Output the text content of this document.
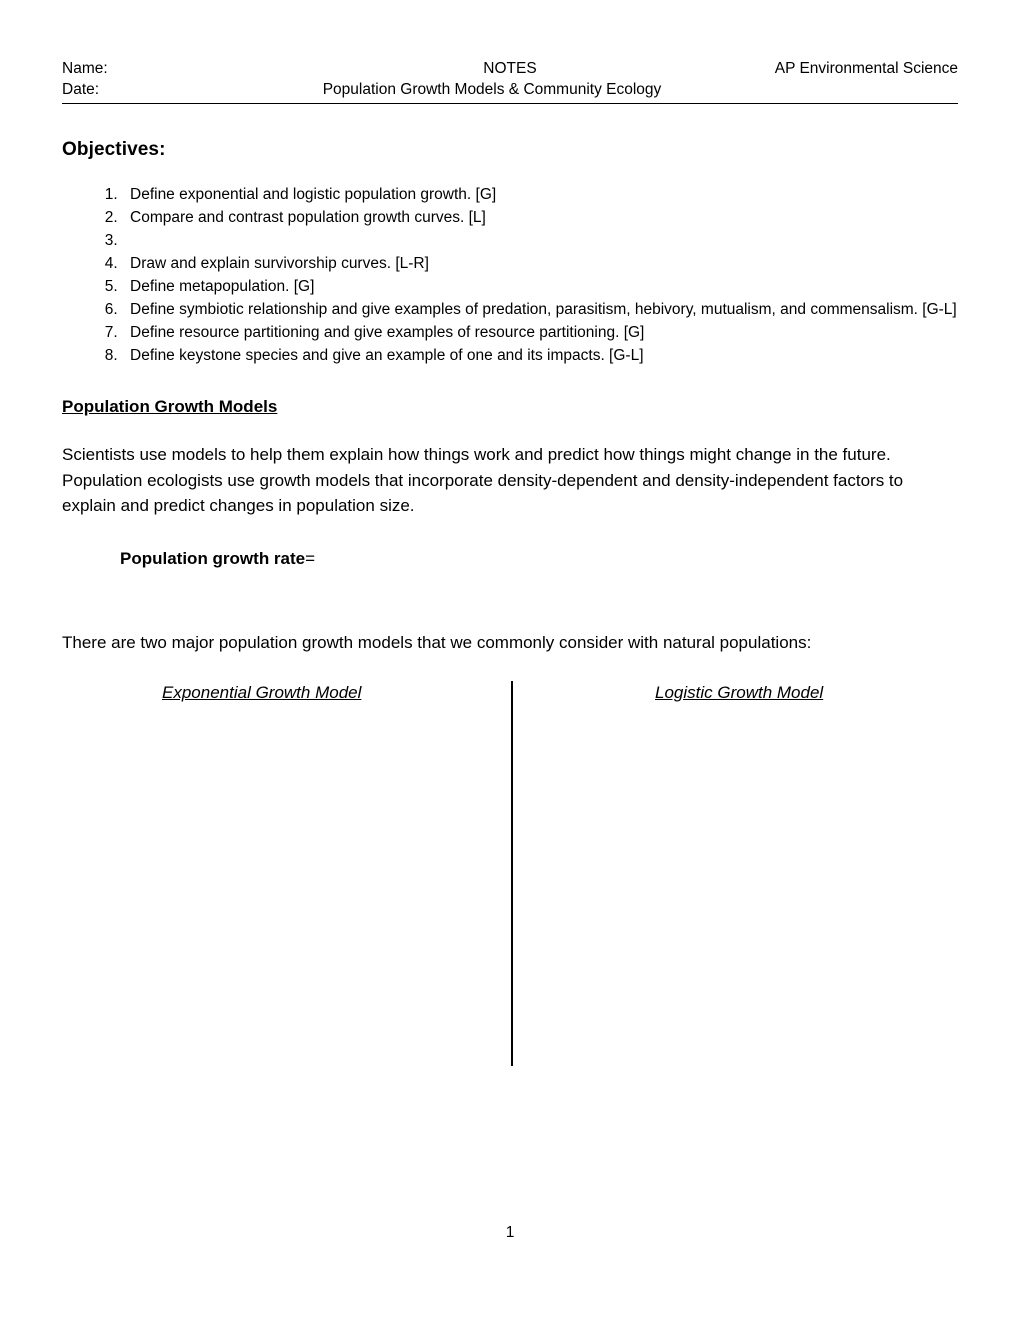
Name:	NOTES	AP Environmental Science
Date:	Population Growth Models & Community Ecology
Objectives:
1. Define exponential and logistic population growth. [G]
2. Compare and contrast population growth curves. [L]
3.
4. Draw and explain survivorship curves. [L-R]
5. Define metapopulation. [G]
6. Define symbiotic relationship and give examples of predation, parasitism, hebivory, mutualism, and commensalism. [G-L]
7. Define resource partitioning and give examples of resource partitioning. [G]
8. Define keystone species and give an example of one and its impacts. [G-L]
Population Growth Models

Scientists use models to help them explain how things work and predict how things might change in the future. Population ecologists use growth models that incorporate density-dependent and density-independent factors to explain and predict changes in population size.

Population growth rate=

There are two major population growth models that we commonly consider with natural populations:

Exponential Growth Model	Logistic Growth Model
1
